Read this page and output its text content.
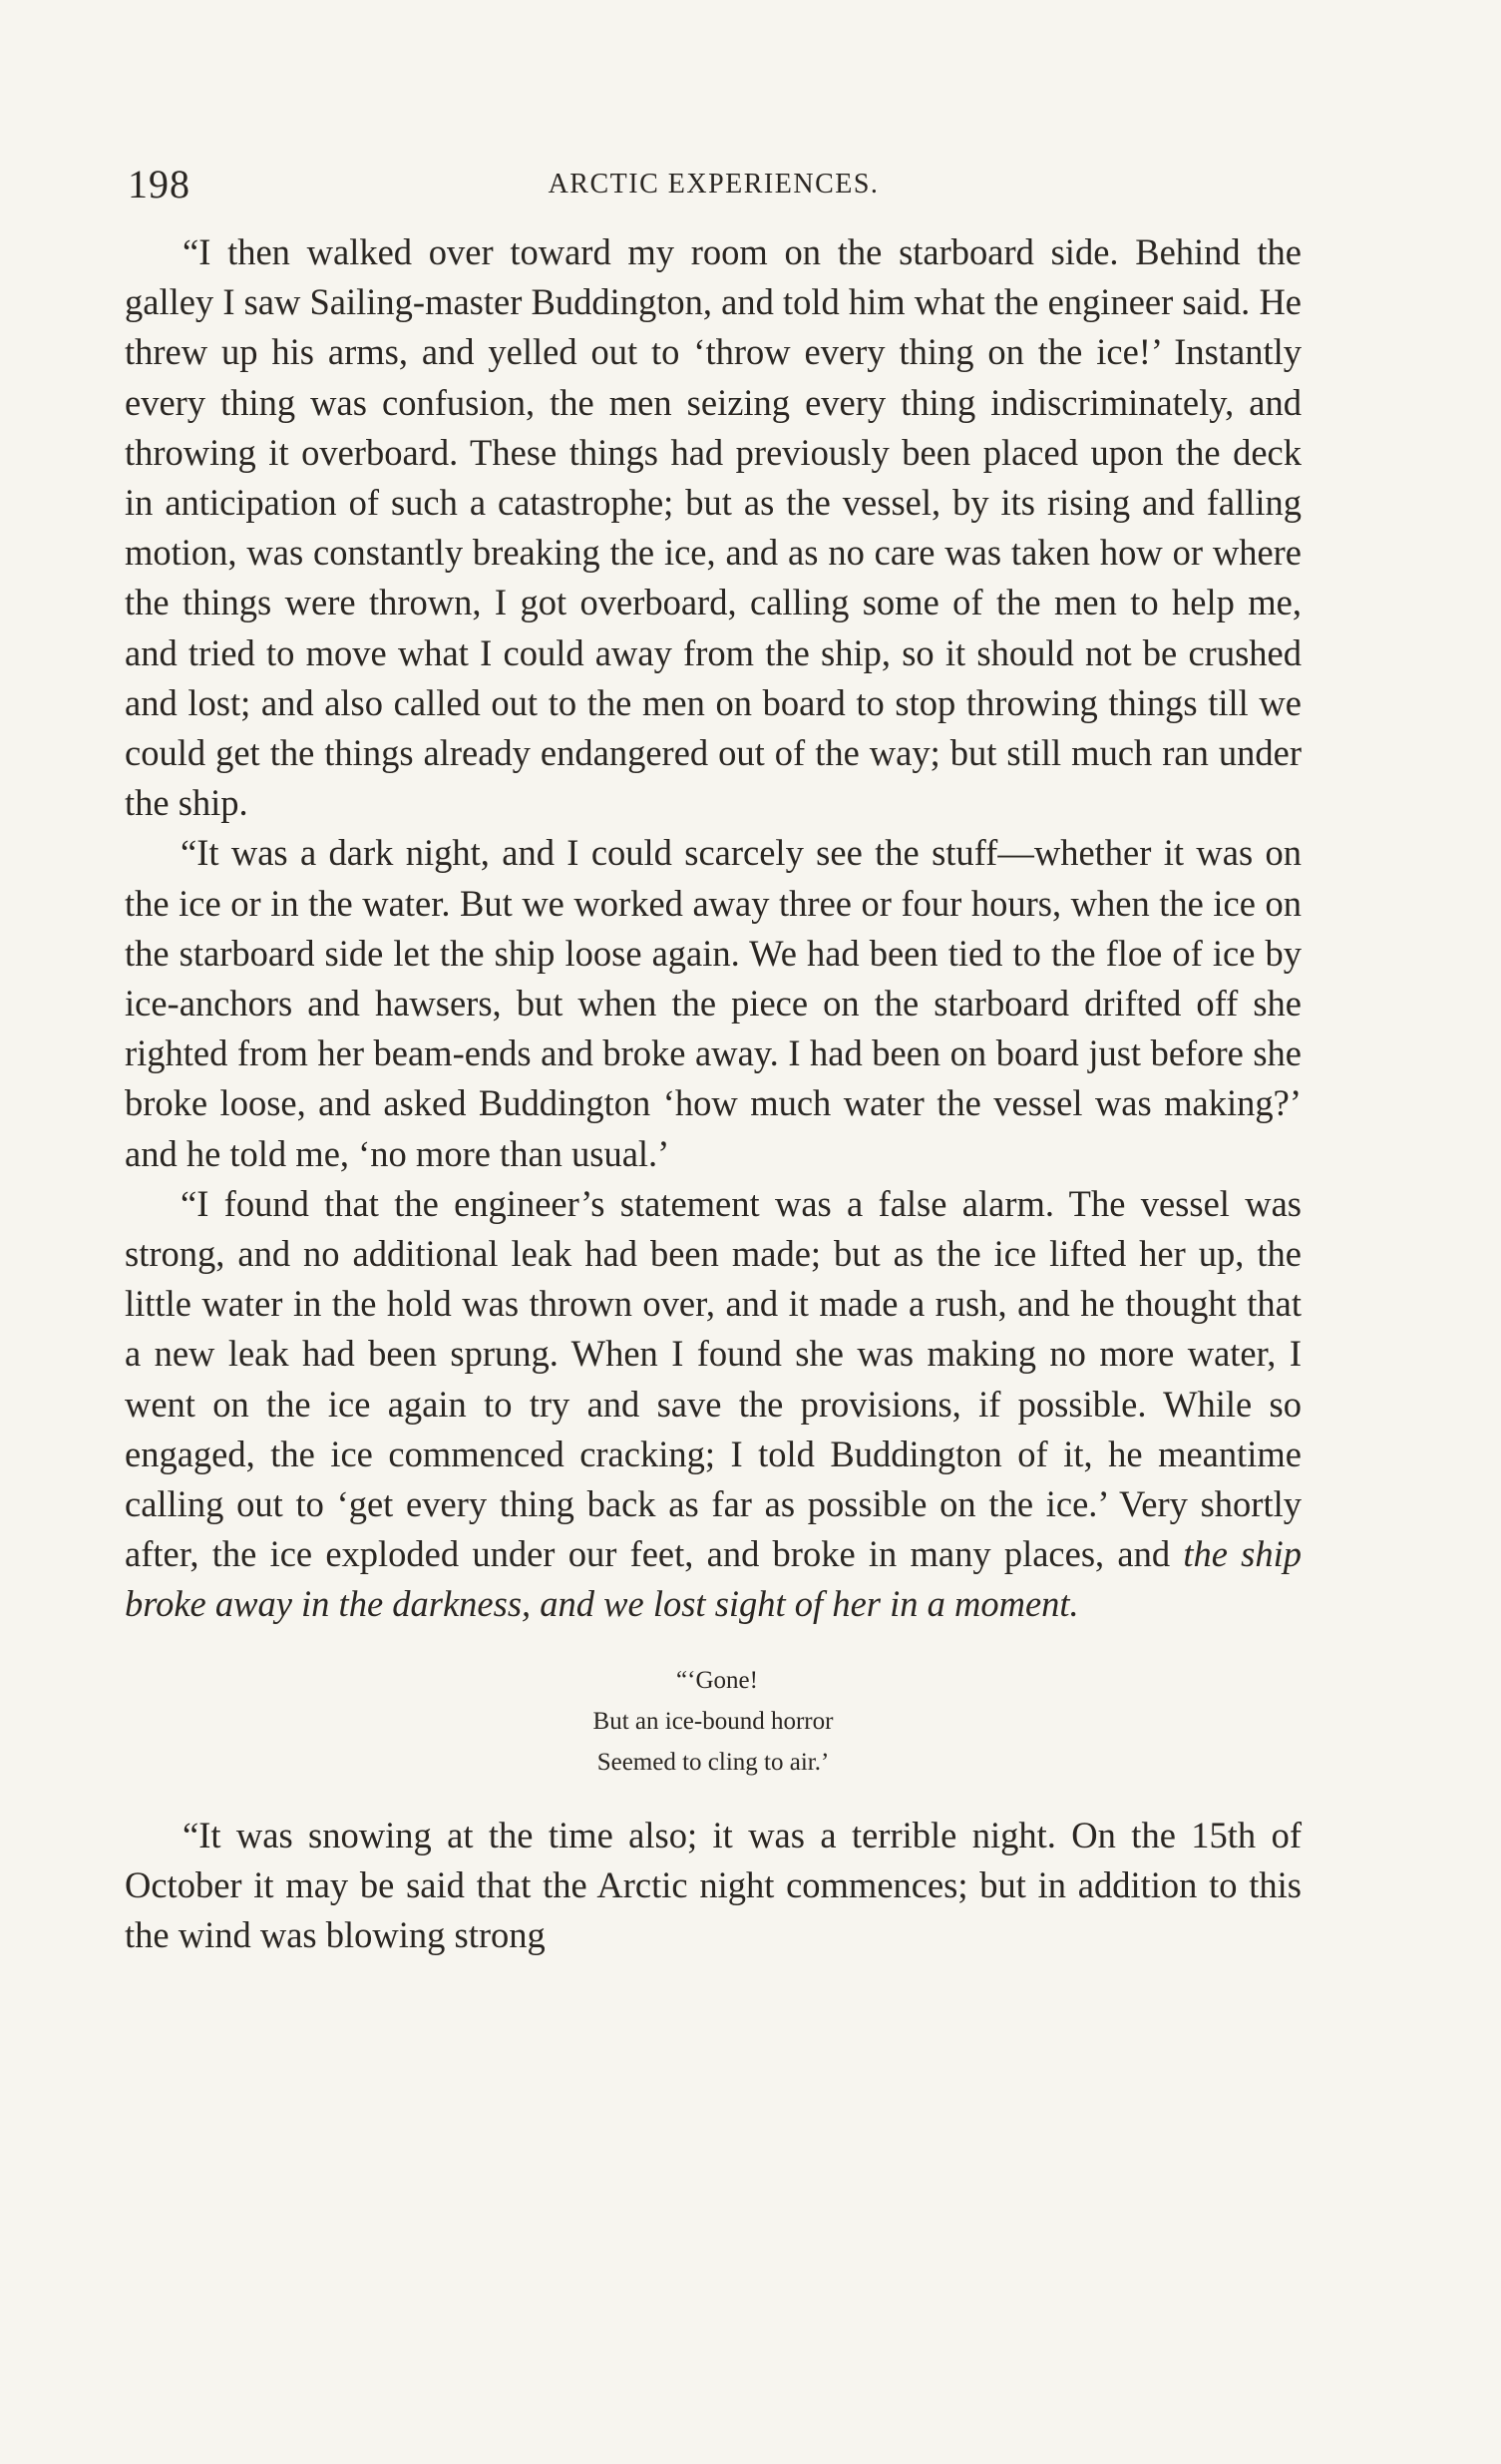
198	ARCTIC EXPERIENCES.

“I then walked over toward my room on the starboard side. Behind the galley I saw Sailing-master Buddington, and told him what the engineer said. He threw up his arms, and yelled out to ‘throw every thing on the ice!’ Instantly every thing was confusion, the men seizing every thing indiscriminately, and throwing it overboard. These things had previously been placed upon the deck in anticipation of such a catastrophe; but as the vessel, by its rising and falling motion, was constantly breaking the ice, and as no care was taken how or where the things were thrown, I got overboard, calling some of the men to help me, and tried to move what I could away from the ship, so it should not be crushed and lost; and also called out to the men on board to stop throwing things till we could get the things already endangered out of the way; but still much ran under the ship.

“It was a dark night, and I could scarcely see the stuff—whether it was on the ice or in the water. But we worked away three or four hours, when the ice on the starboard side let the ship loose again. We had been tied to the floe of ice by ice-anchors and hawsers, but when the piece on the starboard drifted off she righted from her beam-ends and broke away. I had been on board just before she broke loose, and asked Buddington ‘how much water the vessel was making?’ and he told me, ‘no more than usual.’

“I found that the engineer’s statement was a false alarm. The vessel was strong, and no additional leak had been made; but as the ice lifted her up, the little water in the hold was thrown over, and it made a rush, and he thought that a new leak had been sprung. When I found she was making no more water, I went on the ice again to try and save the provisions, if possible. While so engaged, the ice commenced cracking; I told Buddington of it, he meantime calling out to ‘get every thing back as far as possible on the ice.’ Very shortly after, the ice exploded under our feet, and broke in many places, and the ship broke away in the darkness, and we lost sight of her in a moment.

“‘Gone!
But an ice-bound horror
Seemed to cling to air.’

“It was snowing at the time also; it was a terrible night. On the 15th of October it may be said that the Arctic night commences; but in addition to this the wind was blowing strong
